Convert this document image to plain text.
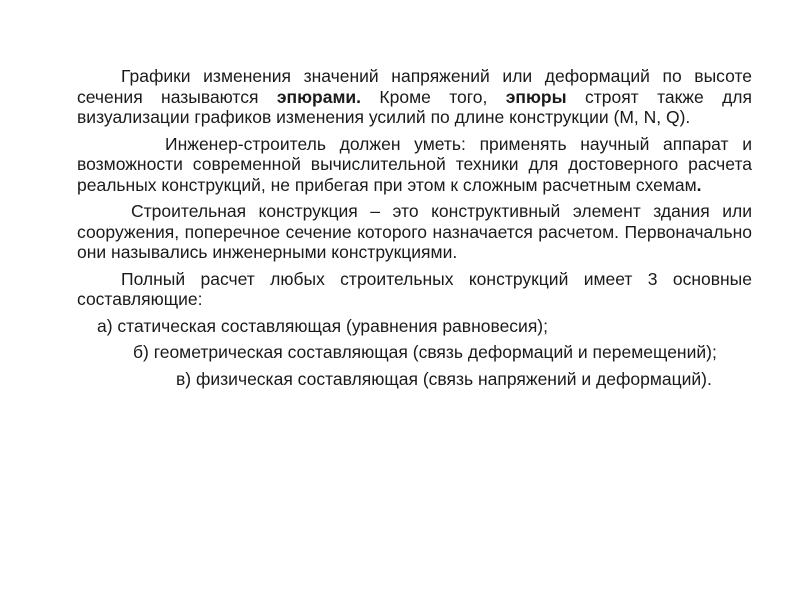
Графики изменения значений напряжений или деформаций по высоте сечения называются эпюрами. Кроме того, эпюры строят также для визуализации графиков изменения усилий по длине конструкции (M, N, Q).

Инженер-строитель должен уметь: применять научный аппарат и возможности современной вычислительной техники для достоверного расчета реальных конструкций, не прибегая при этом к сложным расчетным схемам.

Строительная конструкция – это конструктивный элемент здания или сооружения, поперечное сечение которого назначается расчетом. Первоначально они назывались инженерными конструкциями.

Полный расчет любых строительных конструкций имеет 3 основные составляющие:

а) статическая составляющая (уравнения равновесия);

б) геометрическая составляющая (связь деформаций и перемещений);

в) физическая составляющая (связь напряжений и деформаций).
